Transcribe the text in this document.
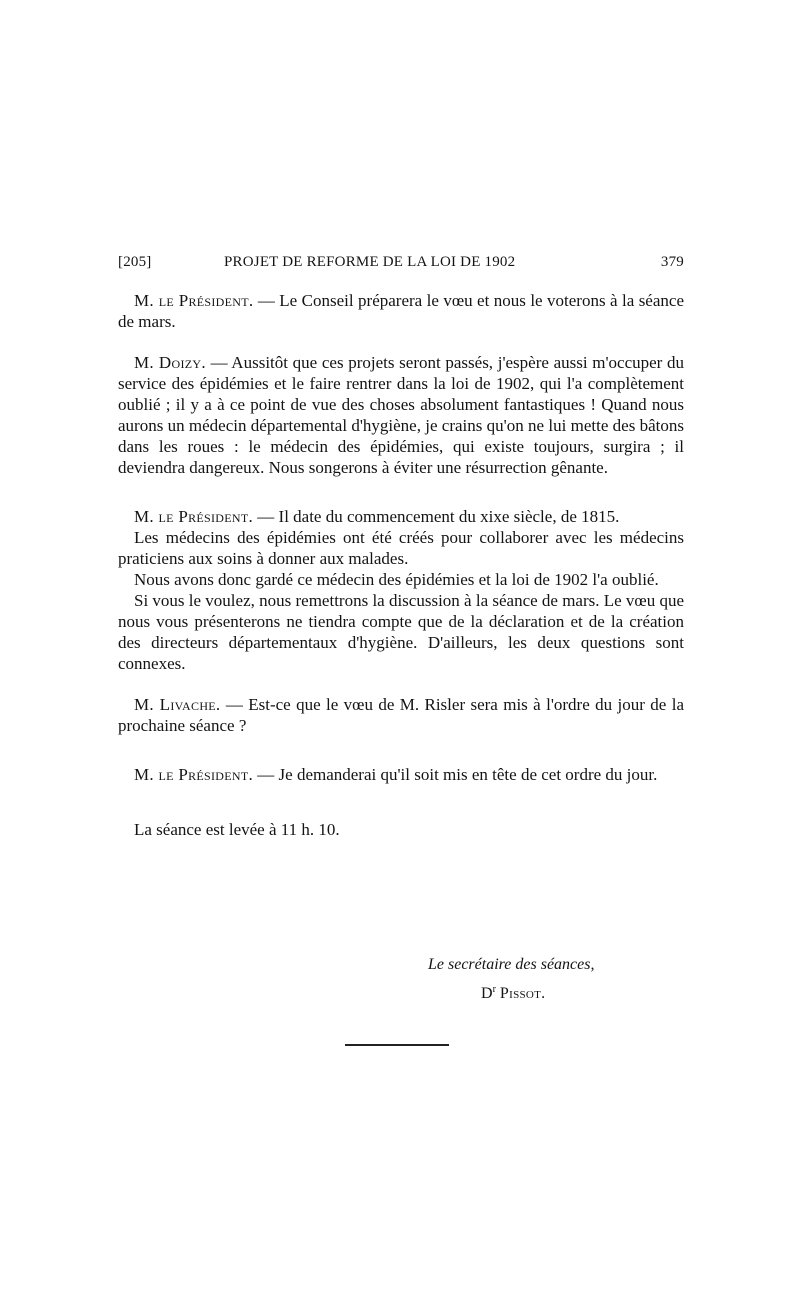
[205]	PROJET DE REFORME DE LA LOI DE 1902	379

M. le Président. — Le Conseil préparera le vœu et nous le voterons à la séance de mars.

M. Doizy. — Aussitôt que ces projets seront passés, j'espère aussi m'occuper du service des épidémies et le faire rentrer dans la loi de 1902, qui l'a complètement oublié ; il y a à ce point de vue des choses absolument fantastiques ! Quand nous aurons un médecin départemental d'hygiène, je crains qu'on ne lui mette des bâtons dans les roues : le médecin des épidémies, qui existe toujours, surgira ; il deviendra dangereux. Nous songerons à éviter une résurrection gênante.

M. le Président. — Il date du commencement du xixe siècle, de 1815.

Les médecins des épidémies ont été créés pour collaborer avec les médecins praticiens aux soins à donner aux malades.

Nous avons donc gardé ce médecin des épidémies et la loi de 1902 l'a oublié.

Si vous le voulez, nous remettrons la discussion à la séance de mars. Le vœu que nous vous présenterons ne tiendra compte que de la déclaration et de la création des directeurs départementaux d'hygiène. D'ailleurs, les deux questions sont connexes.

M. Livache. — Est-ce que le vœu de M. Risler sera mis à l'ordre du jour de la prochaine séance ?

M. le Président. — Je demanderai qu'il soit mis en tête de cet ordre du jour.

La séance est levée à 11 h. 10.

Le secrétaire des séances,
$D^r$ Pissot.
